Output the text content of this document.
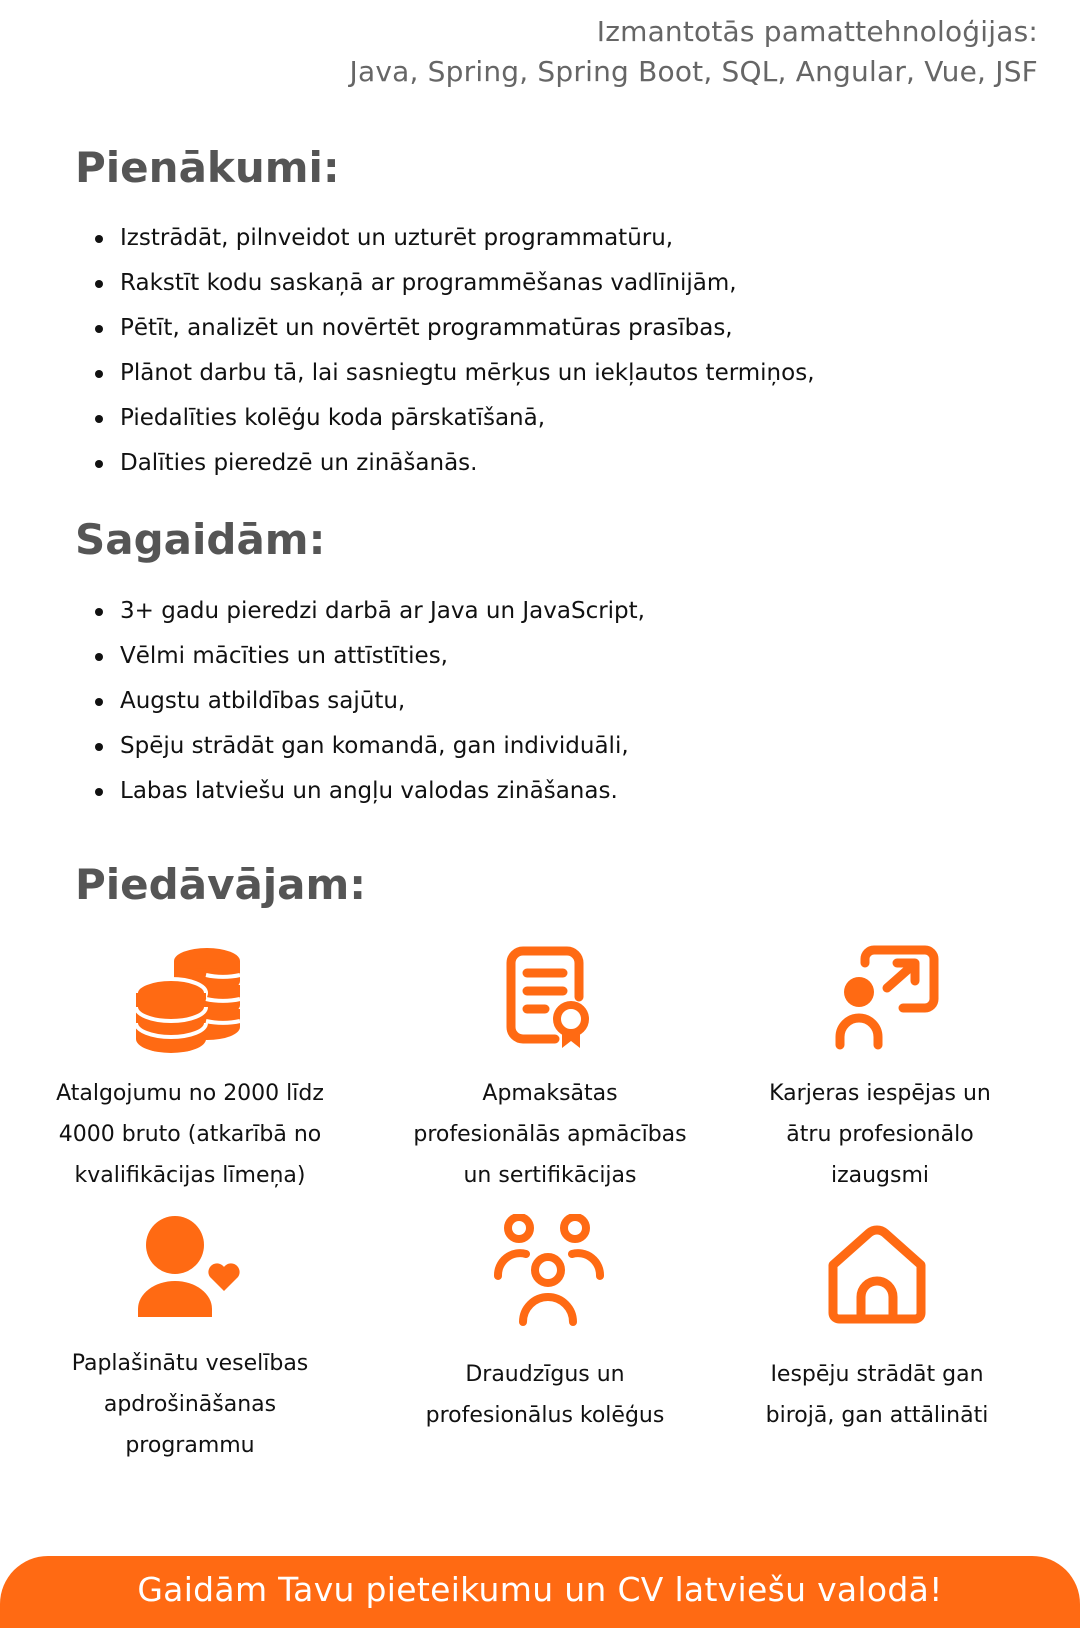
Izmantotās pamattehnoloģijas:
Java, Spring, Spring Boot, SQL, Angular, Vue, JSF
Pienākumi:
Izstrādāt, pilnveidot un uzturēt programmatūru,
Rakstīt kodu saskaņā ar programmēšanas vadlīnijām,
Pētīt, analizēt un novērtēt programmatūras prasības,
Plānot darbu tā, lai sasniegtu mērķus un iekļautos termiņos,
Piedalīties kolēģu koda pārskatīšanā,
Dalīties pieredzē un zināšanās.
Sagaidām:
3+ gadu pieredzi darbā ar Java un JavaScript,
Vēlmi mācīties un attīstīties,
Augstu atbildības sajūtu,
Spēju strādāt gan komandā, gan individuāli,
Labas latviešu un angļu valodas zināšanas.
Piedāvājam:
Atalgojumu no 2000 līdz
4000 bruto (atkarībā no
kvalifikācijas līmeņa)
Apmaksātas
profesionālās apmācības
un sertifikācijas
Karjeras iespējas un
ātru profesionālo
izaugsmi
Paplašinātu veselības
apdrošināšanas
programmu
Draudzīgus un
profesionālus kolēģus
Iespēju strādāt gan
birojā, gan attālināti
Gaidām Tavu pieteikumu un CV latviešu valodā!
